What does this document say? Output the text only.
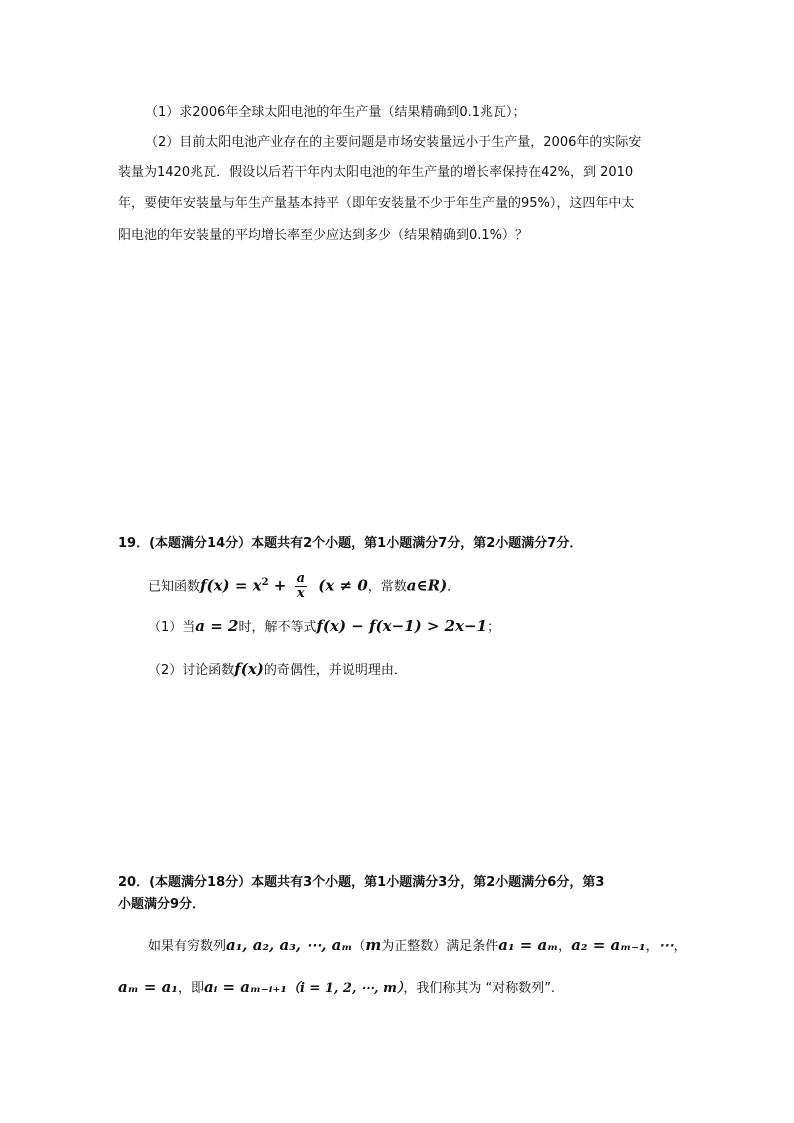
（1）求2006年全球太阳电池的年生产量（结果精确到0.1兆瓦）；
（2）目前太阳电池产业存在的主要问题是市场安装量远小于生产量，2006年的实际安
装量为1420兆瓦．假设以后若干年内太阳电池的年生产量的增长率保持在42%，到 2010
年，要使年安装量与年生产量基本持平（即年安装量不少于年生产量的95%），这四年中太
阳电池的年安装量的平均增长率至少应达到多少（结果精确到0.1%）？
19．(本题满分14分）本题共有2个小题，第1小题满分7分，第2小题满分7分．
已知函数$f(x) = x^2 + \frac{a}{x} (x \ne 0$，常数a∈R)．
（1）当a = 2时，解不等式f(x) − f(x−1) > 2x−1；
（2）讨论函数f(x)的奇偶性，并说明理由．
20．(本题满分18分）本题共有3个小题，第1小题满分3分，第2小题满分6分，第3
小题满分9分．
如果有穷数列a₁, a₂, a₃, ⋯, aₘ（m为正整数）满足条件a₁ = aₘ，a₂ = aₘ₋₁，⋯，
aₘ = a₁，即aᵢ = aₘ₋ᵢ₊₁（i = 1, 2, ⋯, m），我们称其为 “对称数列”.
